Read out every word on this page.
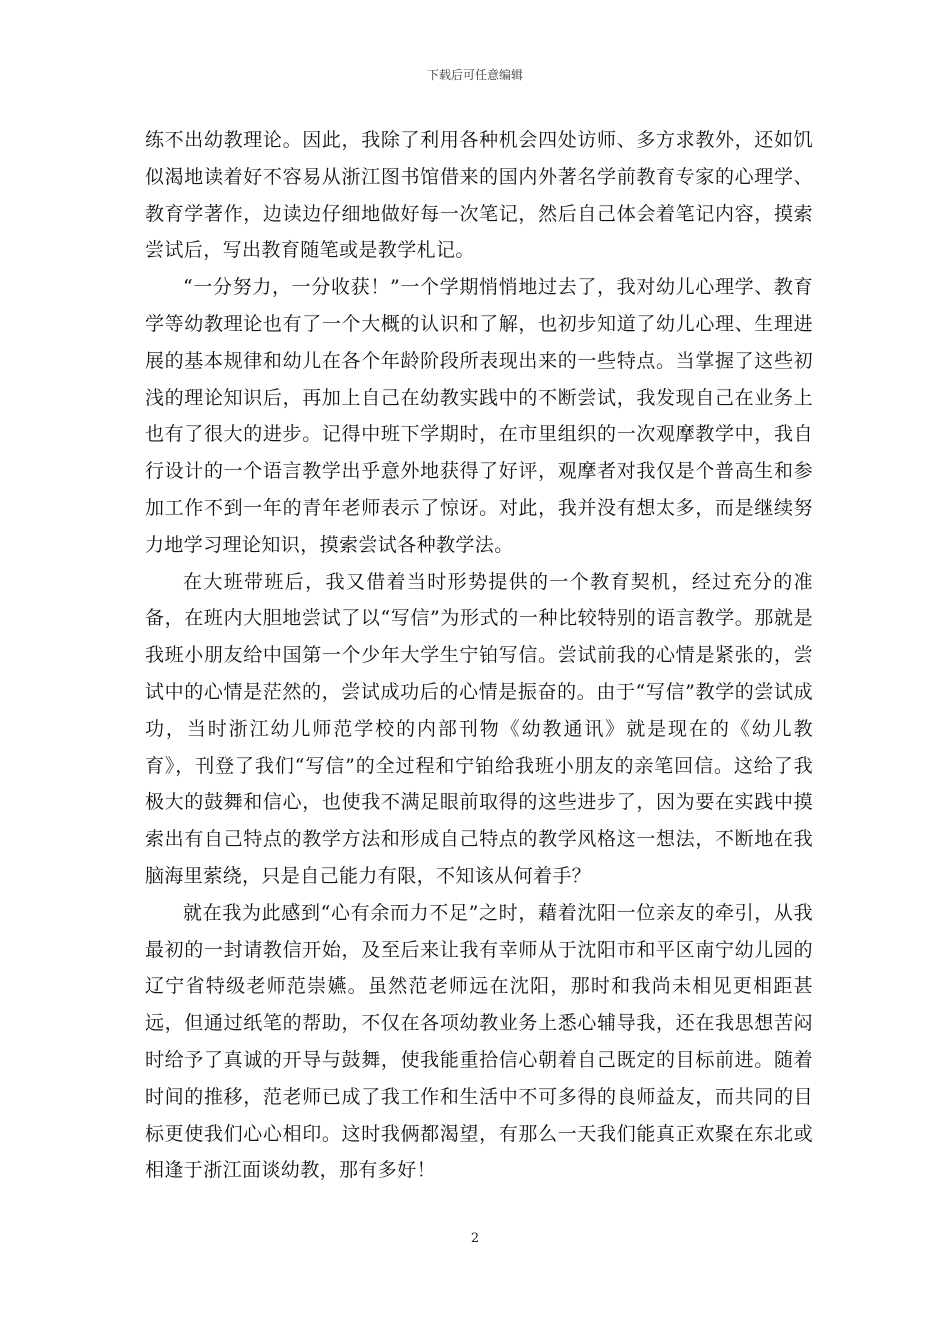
下载后可任意编辑

练不出幼教理论。因此，我除了利用各种机会四处访师、多方求教外，还如饥似渴地读着好不容易从浙江图书馆借来的国内外著名学前教育专家的心理学、教育学著作，边读边仔细地做好每一次笔记，然后自己体会着笔记内容，摸索尝试后，写出教育随笔或是教学札记。

“一分努力，一分收获！”一个学期悄悄地过去了，我对幼儿心理学、教育学等幼教理论也有了一个大概的认识和了解，也初步知道了幼儿心理、生理进展的基本规律和幼儿在各个年龄阶段所表现出来的一些特点。当掌握了这些初浅的理论知识后，再加上自己在幼教实践中的不断尝试，我发现自己在业务上也有了很大的进步。记得中班下学期时，在市里组织的一次观摩教学中，我自行设计的一个语言教学出乎意外地获得了好评，观摩者对我仅是个普高生和参加工作不到一年的青年老师表示了惊讶。对此，我并没有想太多，而是继续努力地学习理论知识，摸索尝试各种教学法。

在大班带班后，我又借着当时形势提供的一个教育契机，经过充分的准备，在班内大胆地尝试了以“写信”为形式的一种比较特别的语言教学。那就是我班小朋友给中国第一个少年大学生宁铂写信。尝试前我的心情是紧张的，尝试中的心情是茫然的，尝试成功后的心情是振奋的。由于“写信”教学的尝试成功，当时浙江幼儿师范学校的内部刊物《幼教通讯》就是现在的《幼儿教育》，刊登了我们“写信”的全过程和宁铂给我班小朋友的亲笔回信。这给了我极大的鼓舞和信心，也使我不满足眼前取得的这些进步了，因为要在实践中摸索出有自己特点的教学方法和形成自己特点的教学风格这一想法，不断地在我脑海里萦绕，只是自己能力有限，不知该从何着手？

就在我为此感到“心有余而力不足”之时，藉着沈阳一位亲友的牵引，从我最初的一封请教信开始，及至后来让我有幸师从于沈阳市和平区南宁幼儿园的辽宁省特级老师范崇嬿。虽然范老师远在沈阳，那时和我尚未相见更相距甚远，但通过纸笔的帮助，不仅在各项幼教业务上悉心辅导我，还在我思想苦闷时给予了真诚的开导与鼓舞，使我能重拾信心朝着自己既定的目标前进。随着时间的推移，范老师已成了我工作和生活中不可多得的良师益友，而共同的目标更使我们心心相印。这时我俩都渴望，有那么一天我们能真正欢聚在东北或相逢于浙江面谈幼教，那有多好！

2
